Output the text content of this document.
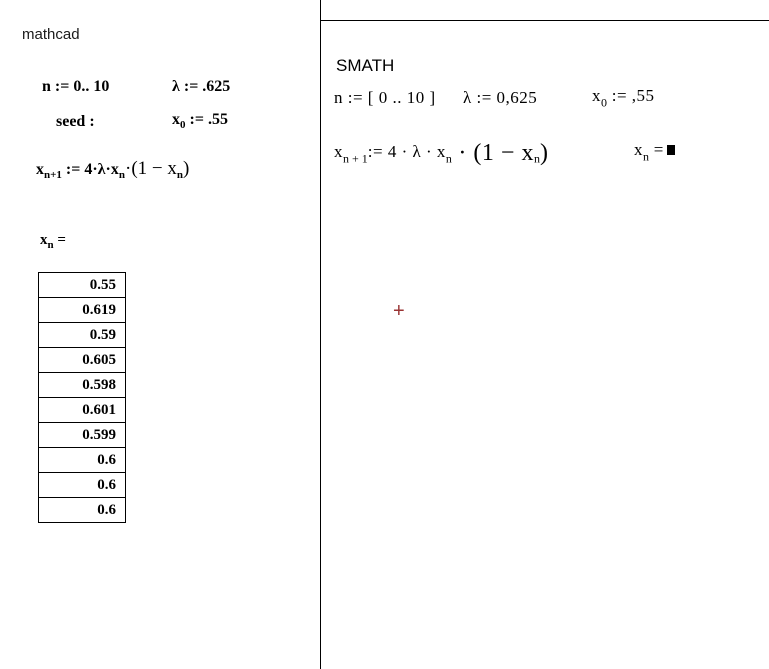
mathcad
n := 0.. 10	λ := .625
seed :	$x_0$ := .55
$x_{n+1}$ := $4\cdot\lambda\cdot x_n\cdot(1 - x_n)$
$x_n$ =
0.55
0.619
0.59
0.605
0.598
0.601
0.599
0.6
0.6
0.6
SMATH
n := [ 0 .. 10 ] λ := 0,625	$x_0$ := ,55
$x_{n + 1}:= 4 \cdot \lambda \cdot x_n \cdot (1 - x_n)$	$x_n$ =
+
